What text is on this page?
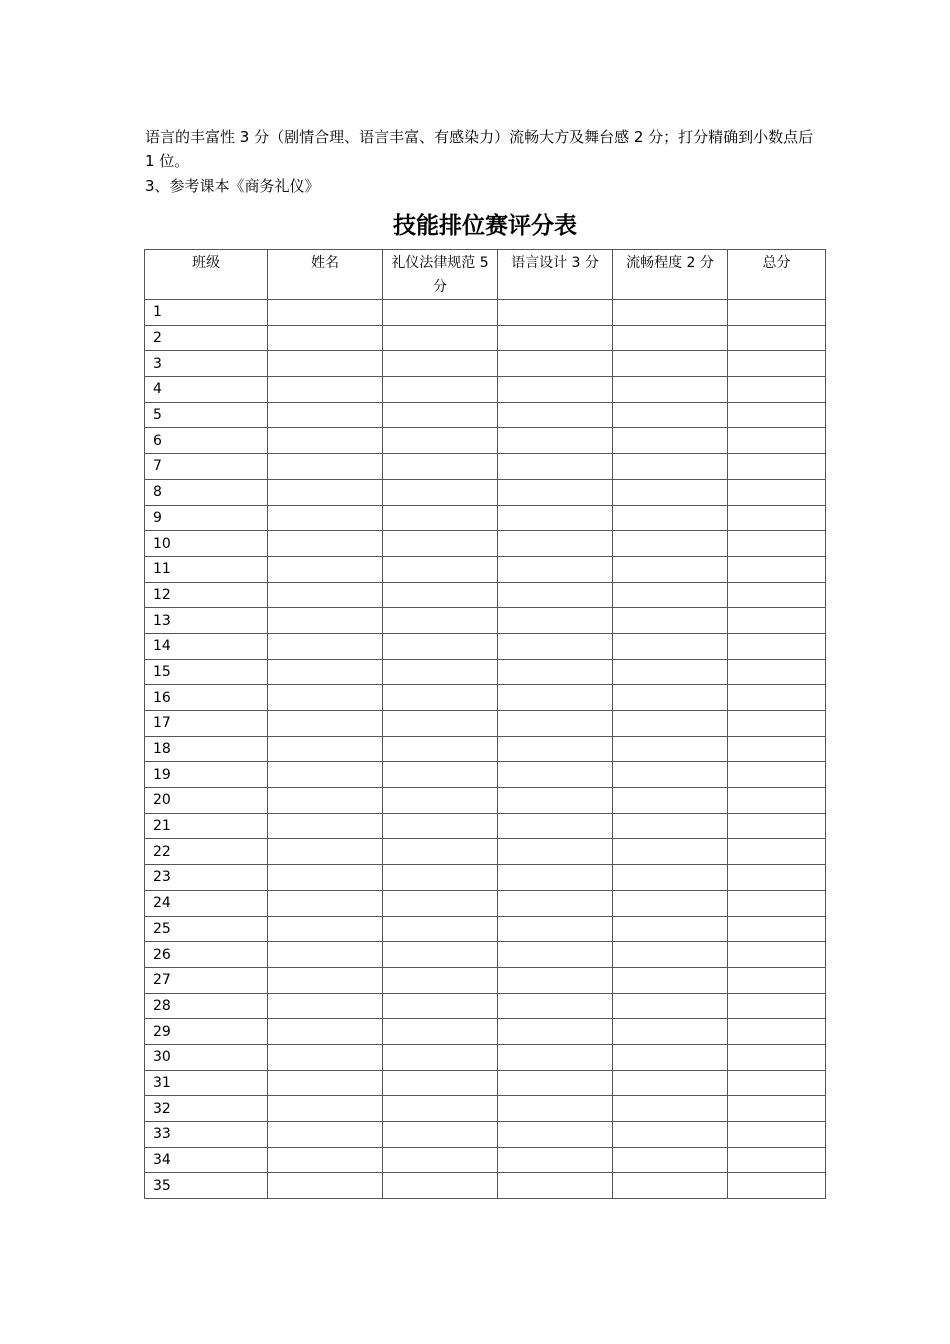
语言的丰富性 3 分（剧情合理、语言丰富、有感染力）流畅大方及舞台感 2 分；打分精确到小数点后 1 位。

3、参考课本《商务礼仪》

技能排位赛评分表
班级	姓名	礼仪法律规范 5 分	语言设计 3 分	流畅程度 2 分	总分
1					
2					
3					
4					
5					
6					
7					
8					
9					
10					
11					
12					
13					
14					
15					
16					
17					
18					
19					
20					
21					
22					
23					
24					
25					
26					
27					
28					
29					
30					
31					
32					
33					
34					
35					
